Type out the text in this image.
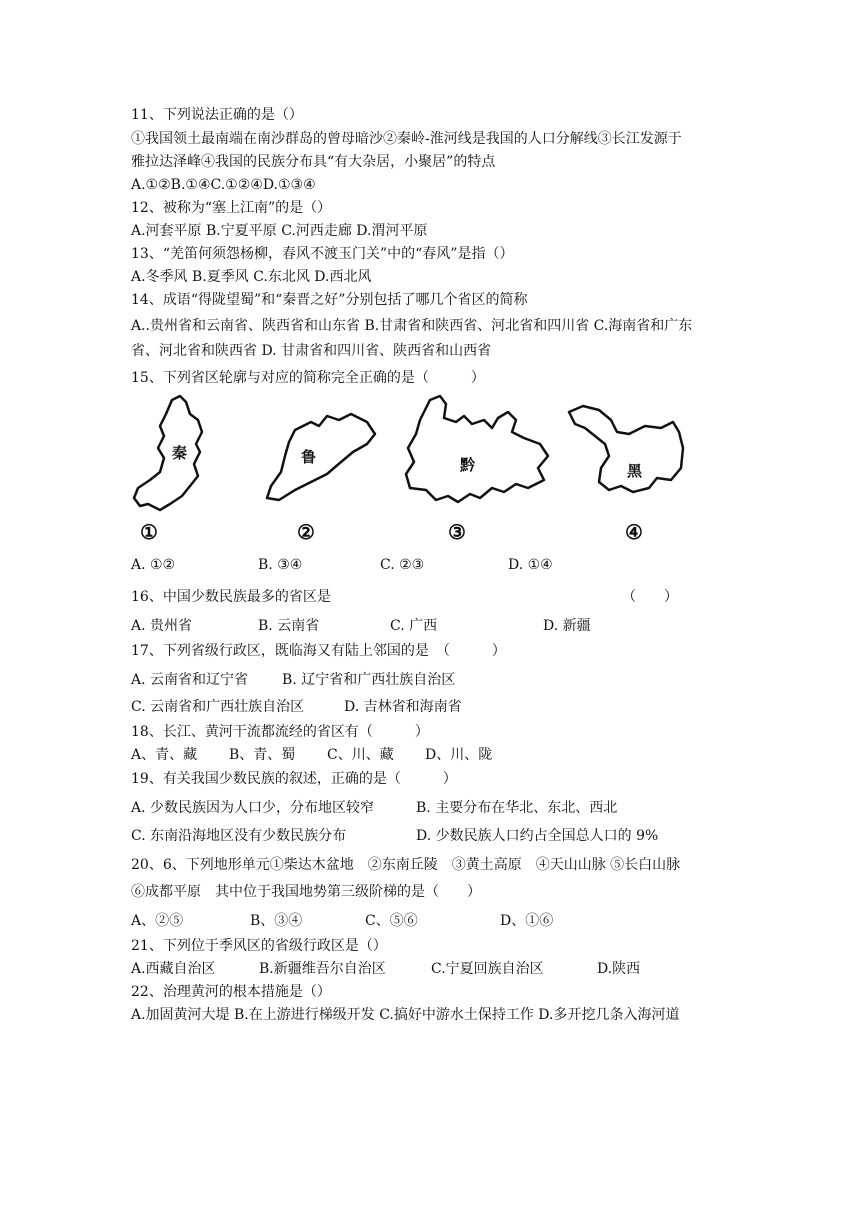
11、下列说法正确的是（）
①我国领土最南端在南沙群岛的曾母暗沙②秦岭-淮河线是我国的人口分解线③长江发源于
雅拉达泽峰④我国的民族分布具“有大杂居，小聚居”的特点
A.①②B.①④C.①②④D.①③④
12、被称为“塞上江南”的是（）
A.河套平原 B.宁夏平原 C.河西走廊 D.渭河平原
13、“羌笛何须怨杨柳，春风不渡玉门关”中的“春风”是指（）
A.冬季风 B.夏季风 C.东北风 D.西北风
14、成语“得陇望蜀”和“秦晋之好”分别包括了哪几个省区的简称
A..贵州省和云南省、陕西省和山东省 B.甘肃省和陕西省、河北省和四川省 C.海南省和广东
省、河北省和陕西省 D. 甘肃省和四川省、陕西省和山西省
15、下列省区轮廓与对应的简称完全正确的是（　　　）
秦
①
鲁
②
黔
③
黑
④
A. ①②	B. ③④	C. ②③	D. ①④
16、中国少数民族最多的省区是	（　　）
A. 贵州省	B. 云南省	C. 广西	D. 新疆
17、下列省级行政区，既临海又有陆上邻国的是　（　　　）
A. 云南省和辽宁省 B. 辽宁省和广西壮族自治区
C. 云南省和广西壮族自治区	D. 吉林省和海南省
18、长江、黄河干流都流经的省区有（　　　）
A、青、藏 B、青、蜀 C、川、藏 D、川、陇
19、有关我国少数民族的叙述，正确的是（　　　）
A. 少数民族因为人口少，分布地区较窄	B. 主要分布在华北、东北、西北
C. 东南沿海地区没有少数民族分布	D. 少数民族人口约占全国总人口的 9%
20、6、下列地形单元①柴达木盆地　②东南丘陵　③黄土高原　④天山山脉 ⑤长白山脉
⑥成都平原　其中位于我国地势第三级阶梯的是（　　）
A、②⑤	B、③④	C、⑤⑥	D、①⑥
21、下列位于季风区的省级行政区是（）
A.西藏自治区	B.新疆维吾尔自治区	C.宁夏回族自治区	D.陕西
22、治理黄河的根本措施是（）
A.加固黄河大堤 B.在上游进行梯级开发 C.搞好中游水土保持工作 D.多开挖几条入海河道
